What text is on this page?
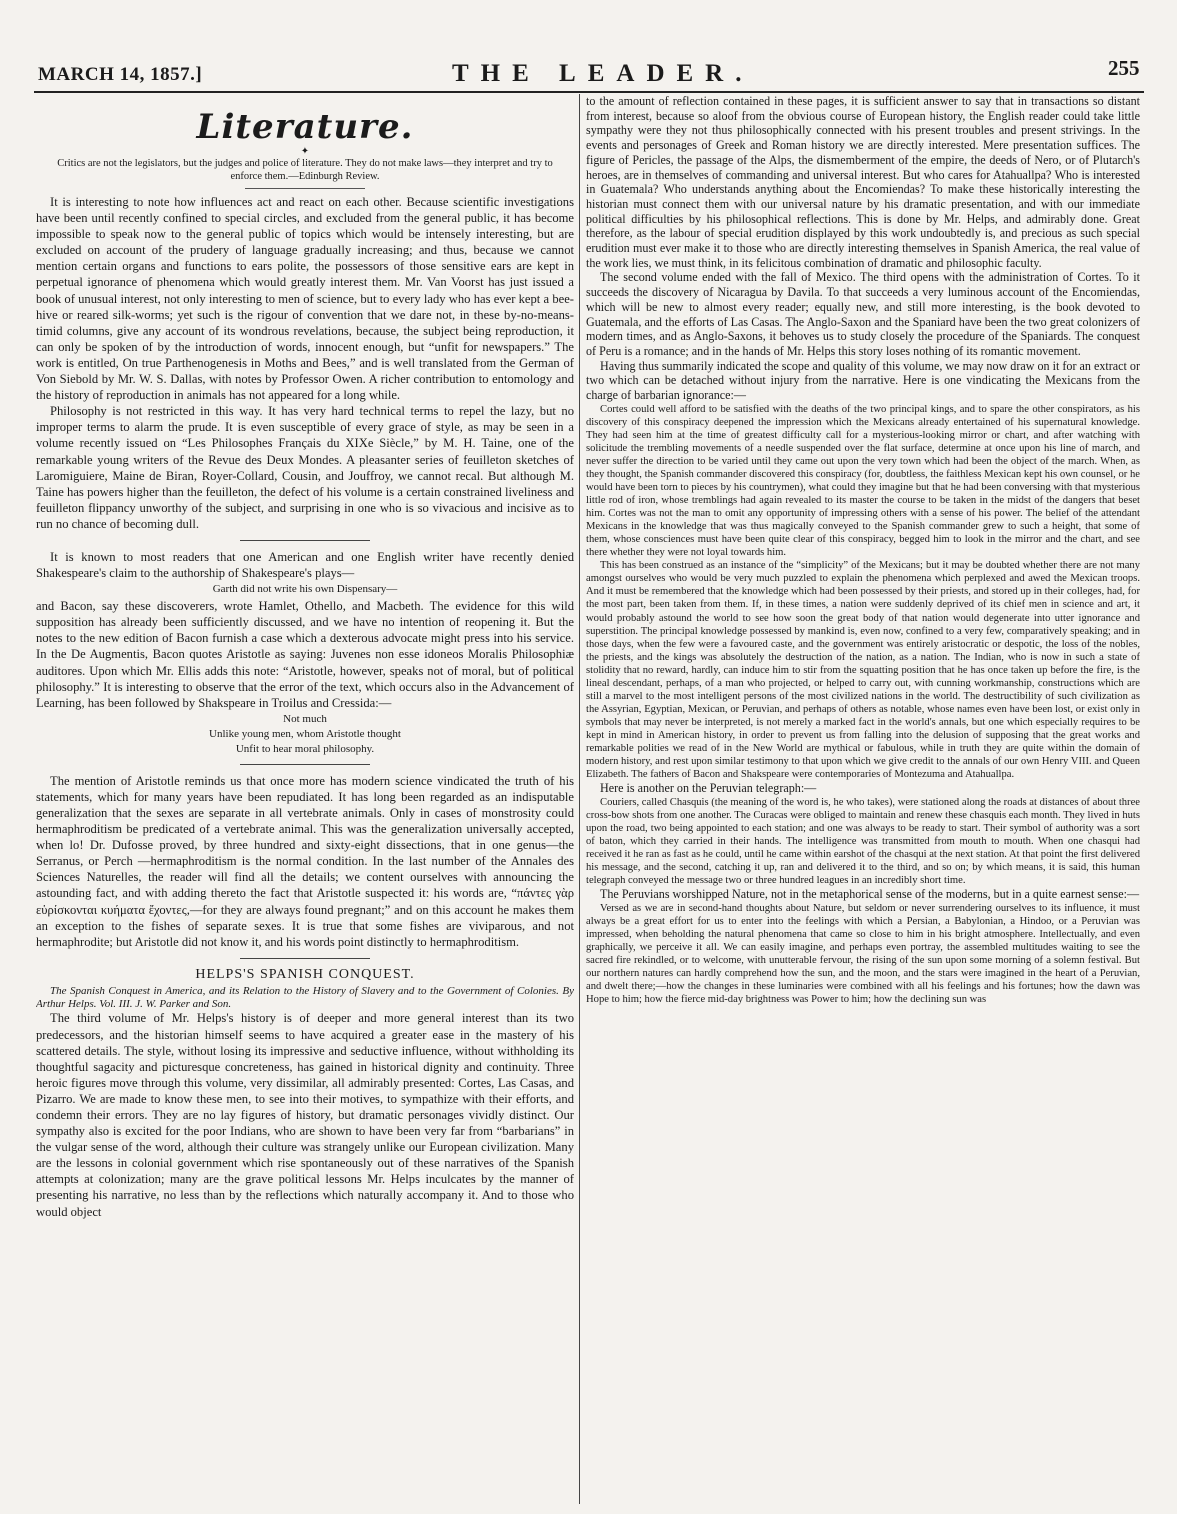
MARCH 14, 1857.]	THE LEADER.	255
Literature.

✦

Critics are not the legislators, but the judges and police of literature. They do not make laws—they interpret and try to enforce them.—Edinburgh Review.

It is interesting to note how influences act and react on each other. Because scientific investigations have been until recently confined to special circles, and excluded from the general public, it has become impossible to speak now to the general public of topics which would be intensely interesting, but are excluded on account of the prudery of language gradually increasing; and thus, because we cannot mention certain organs and functions to ears polite, the possessors of those sensitive ears are kept in perpetual ignorance of phenomena which would greatly interest them. Mr. Van Voorst has just issued a book of unusual interest, not only interesting to men of science, but to every lady who has ever kept a bee-hive or reared silk-worms; yet such is the rigour of convention that we dare not, in these by-no-means-timid columns, give any account of its wondrous revelations, because, the subject being reproduction, it can only be spoken of by the introduction of words, innocent enough, but “unfit for newspapers.” The work is entitled, On true Parthenogenesis in Moths and Bees,” and is well translated from the German of Von Siebold by Mr. W. S. Dallas, with notes by Professor Owen. A richer contribution to entomology and the history of reproduction in animals has not appeared for a long while.

Philosophy is not restricted in this way. It has very hard technical terms to repel the lazy, but no improper terms to alarm the prude. It is even susceptible of every grace of style, as may be seen in a volume recently issued on “Les Philosophes Français du XIXe Siècle,” by M. H. Taine, one of the remarkable young writers of the Revue des Deux Mondes. A pleasanter series of feuilleton sketches of Laromiguiere, Maine de Biran, Royer-Collard, Cousin, and Jouffroy, we cannot recal. But although M. Taine has powers higher than the feuilleton, the defect of his volume is a certain constrained liveliness and feuilleton flippancy unworthy of the subject, and surprising in one who is so vivacious and incisive as to run no chance of becoming dull.

It is known to most readers that one American and one English writer have recently denied Shakespeare's claim to the authorship of Shakespeare's plays—

Garth did not write his own Dispensary—

and Bacon, say these discoverers, wrote Hamlet, Othello, and Macbeth. The evidence for this wild supposition has already been sufficiently discussed, and we have no intention of reopening it. But the notes to the new edition of Bacon furnish a case which a dexterous advocate might press into his service. In the De Augmentis, Bacon quotes Aristotle as saying: Juvenes non esse idoneos Moralis Philosophiæ auditores. Upon which Mr. Ellis adds this note: “Aristotle, however, speaks not of moral, but of political philosophy.” It is interesting to observe that the error of the text, which occurs also in the Advancement of Learning, has been followed by Shakspeare in Troilus and Cressida:—

Not much

Unlike young men, whom Aristotle thought

Unfit to hear moral philosophy.

The mention of Aristotle reminds us that once more has modern science vindicated the truth of his statements, which for many years have been repudiated. It has long been regarded as an indisputable generalization that the sexes are separate in all vertebrate animals. Only in cases of monstrosity could hermaphroditism be predicated of a vertebrate animal. This was the generalization universally accepted, when lo! Dr. Dufosse proved, by three hundred and sixty-eight dissections, that in one genus—the Serranus, or Perch —hermaphroditism is the normal condition. In the last number of the Annales des Sciences Naturelles, the reader will find all the details; we content ourselves with announcing the astounding fact, and with adding thereto the fact that Aristotle suspected it: his words are, “πάντες γὰρ εὑρίσκονται κυήματα ἔχοντες,—for they are always found pregnant;” and on this account he makes them an exception to the fishes of separate sexes. It is true that some fishes are viviparous, and not hermaphrodite; but Aristotle did not know it, and his words point distinctly to hermaphroditism.

HELPS'S SPANISH CONQUEST.

The Spanish Conquest in America, and its Relation to the History of Slavery and to the Government of Colonies. By Arthur Helps. Vol. III. J. W. Parker and Son.

The third volume of Mr. Helps's history is of deeper and more general interest than its two predecessors, and the historian himself seems to have acquired a greater ease in the mastery of his scattered details. The style, without losing its impressive and seductive influence, without withholding its thoughtful sagacity and picturesque concreteness, has gained in historical dignity and continuity. Three heroic figures move through this volume, very dissimilar, all admirably presented: Cortes, Las Casas, and Pizarro. We are made to know these men, to see into their motives, to sympathize with their efforts, and condemn their errors. They are no lay figures of history, but dramatic personages vividly distinct. Our sympathy also is excited for the poor Indians, who are shown to have been very far from “barbarians” in the vulgar sense of the word, although their culture was strangely unlike our European civilization. Many are the lessons in colonial government which rise spontaneously out of these narratives of the Spanish attempts at colonization; many are the grave political lessons Mr. Helps inculcates by the manner of presenting his narrative, no less than by the reflections which naturally accompany it. And to those who would object

to the amount of reflection contained in these pages, it is sufficient answer to say that in transactions so distant from interest, because so aloof from the obvious course of European history, the English reader could take little sympathy were they not thus philosophically connected with his present troubles and present strivings. In the events and personages of Greek and Roman history we are directly interested. Mere presentation suffices. The figure of Pericles, the passage of the Alps, the dismemberment of the empire, the deeds of Nero, or of Plutarch's heroes, are in themselves of commanding and universal interest. But who cares for Atahuallpa? Who is interested in Guatemala? Who understands anything about the Encomiendas? To make these historically interesting the historian must connect them with our universal nature by his dramatic presentation, and with our immediate political difficulties by his philosophical reflections. This is done by Mr. Helps, and admirably done. Great therefore, as the labour of special erudition displayed by this work undoubtedly is, and precious as such special erudition must ever make it to those who are directly interesting themselves in Spanish America, the real value of the work lies, we must think, in its felicitous combination of dramatic and philosophic faculty.

The second volume ended with the fall of Mexico. The third opens with the administration of Cortes. To it succeeds the discovery of Nicaragua by Davila. To that succeeds a very luminous account of the Encomiendas, which will be new to almost every reader; equally new, and still more interesting, is the book devoted to Guatemala, and the efforts of Las Casas. The Anglo-Saxon and the Spaniard have been the two great colonizers of modern times, and as Anglo-Saxons, it behoves us to study closely the procedure of the Spaniards. The conquest of Peru is a romance; and in the hands of Mr. Helps this story loses nothing of its romantic movement.

Having thus summarily indicated the scope and quality of this volume, we may now draw on it for an extract or two which can be detached without injury from the narrative. Here is one vindicating the Mexicans from the charge of barbarian ignorance:—

Cortes could well afford to be satisfied with the deaths of the two principal kings, and to spare the other conspirators, as his discovery of this conspiracy deepened the impression which the Mexicans already entertained of his supernatural knowledge. They had seen him at the time of greatest difficulty call for a mysterious-looking mirror or chart, and after watching with solicitude the trembling movements of a needle suspended over the flat surface, determine at once upon his line of march, and never suffer the direction to be varied until they came out upon the very town which had been the object of the march. When, as they thought, the Spanish commander discovered this conspiracy (for, doubtless, the faithless Mexican kept his own counsel, or he would have been torn to pieces by his countrymen), what could they imagine but that he had been conversing with that mysterious little rod of iron, whose tremblings had again revealed to its master the course to be taken in the midst of the dangers that beset him. Cortes was not the man to omit any opportunity of impressing others with a sense of his power. The belief of the attendant Mexicans in the knowledge that was thus magically conveyed to the Spanish commander grew to such a height, that some of them, whose consciences must have been quite clear of this conspiracy, begged him to look in the mirror and the chart, and see there whether they were not loyal towards him.

This has been construed as an instance of the “simplicity” of the Mexicans; but it may be doubted whether there are not many amongst ourselves who would be very much puzzled to explain the phenomena which perplexed and awed the Mexican troops. And it must be remembered that the knowledge which had been possessed by their priests, and stored up in their colleges, had, for the most part, been taken from them. If, in these times, a nation were suddenly deprived of its chief men in science and art, it would probably astound the world to see how soon the great body of that nation would degenerate into utter ignorance and superstition. The principal knowledge possessed by mankind is, even now, confined to a very few, comparatively speaking; and in those days, when the few were a favoured caste, and the government was entirely aristocratic or despotic, the loss of the nobles, the priests, and the kings was absolutely the destruction of the nation, as a nation. The Indian, who is now in such a state of stolidity that no reward, hardly, can induce him to stir from the squatting position that he has once taken up before the fire, is the lineal descendant, perhaps, of a man who projected, or helped to carry out, with cunning workmanship, constructions which are still a marvel to the most intelligent persons of the most civilized nations in the world. The destructibility of such civilization as the Assyrian, Egyptian, Mexican, or Peruvian, and perhaps of others as notable, whose names even have been lost, or exist only in symbols that may never be interpreted, is not merely a marked fact in the world's annals, but one which especially requires to be kept in mind in American history, in order to prevent us from falling into the delusion of supposing that the great works and remarkable polities we read of in the New World are mythical or fabulous, while in truth they are quite within the domain of modern history, and rest upon similar testimony to that upon which we give credit to the annals of our own Henry VIII. and Queen Elizabeth. The fathers of Bacon and Shakspeare were contemporaries of Montezuma and Atahuallpa.

Here is another on the Peruvian telegraph:—

Couriers, called Chasquis (the meaning of the word is, he who takes), were stationed along the roads at distances of about three cross-bow shots from one another. The Curacas were obliged to maintain and renew these chasquis each month. They lived in huts upon the road, two being appointed to each station; and one was always to be ready to start. Their symbol of authority was a sort of baton, which they carried in their hands. The intelligence was transmitted from mouth to mouth. When one chasqui had received it he ran as fast as he could, until he came within earshot of the chasqui at the next station. At that point the first delivered his message, and the second, catching it up, ran and delivered it to the third, and so on; by which means, it is said, this human telegraph conveyed the message two or three hundred leagues in an incredibly short time.

The Peruvians worshipped Nature, not in the metaphorical sense of the moderns, but in a quite earnest sense:—

Versed as we are in second-hand thoughts about Nature, but seldom or never surrendering ourselves to its influence, it must always be a great effort for us to enter into the feelings with which a Persian, a Babylonian, a Hindoo, or a Peruvian was impressed, when beholding the natural phenomena that came so close to him in his bright atmosphere. Intellectually, and even graphically, we perceive it all. We can easily imagine, and perhaps even portray, the assembled multitudes waiting to see the sacred fire rekindled, or to welcome, with unutterable fervour, the rising of the sun upon some morning of a solemn festival. But our northern natures can hardly comprehend how the sun, and the moon, and the stars were imagined in the heart of a Peruvian, and dwelt there;—how the changes in these luminaries were combined with all his feelings and his fortunes; how the dawn was Hope to him; how the fierce mid-day brightness was Power to him; how the declining sun was
